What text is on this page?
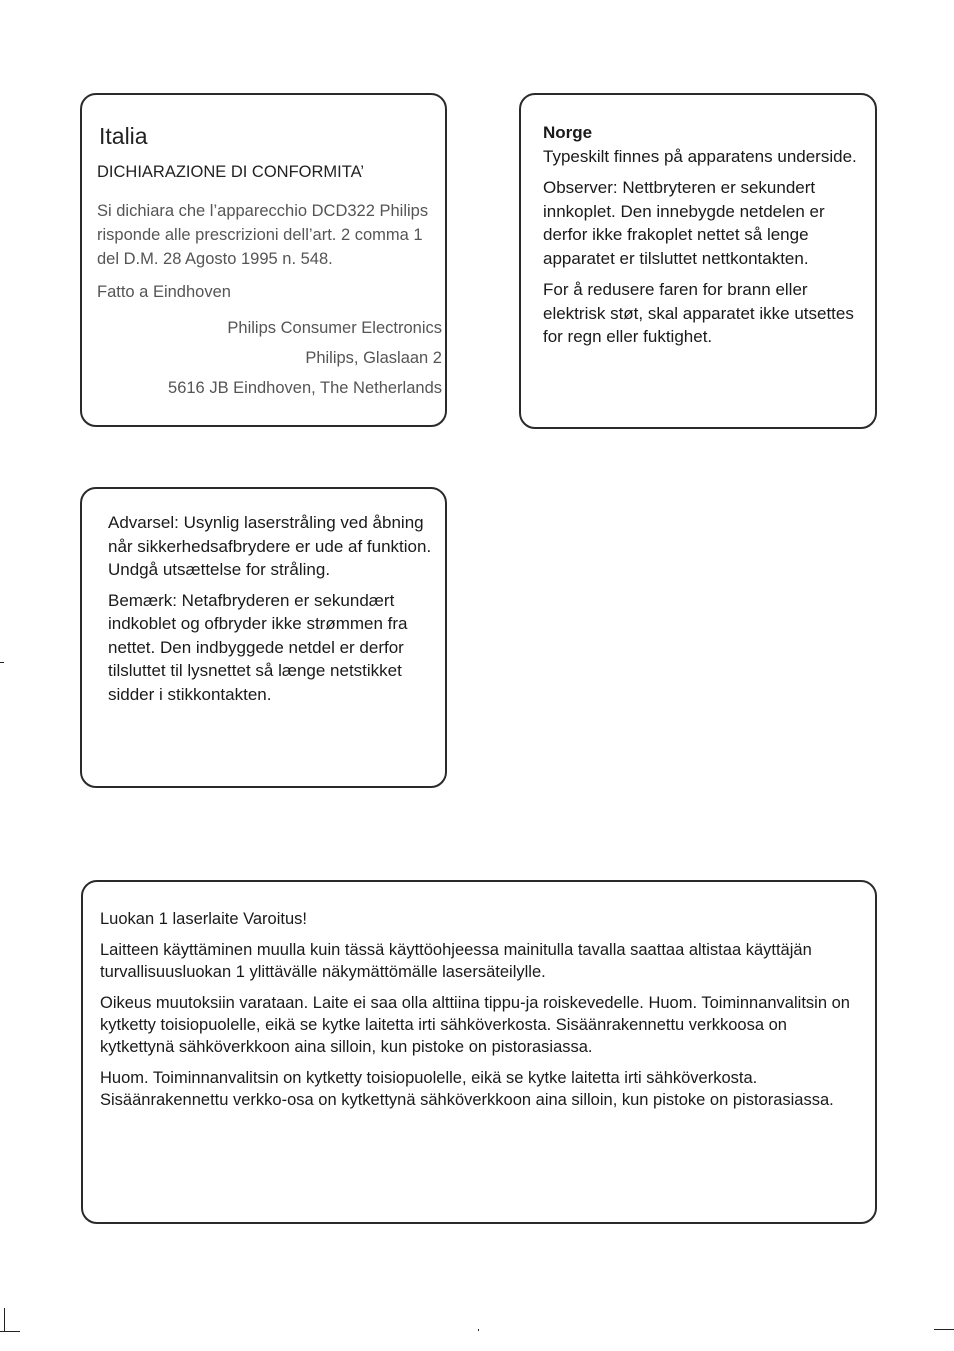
Italia
DICHIARAZIONE DI CONFORMITA’
Si dichiara che l’apparecchio DCD322 Philips risponde alle prescrizioni dell’art. 2 comma 1 del D.M. 28 Agosto 1995 n. 548.
Fatto a Eindhoven
Philips Consumer Electronics
Philips, Glaslaan 2
5616 JB Eindhoven, The Netherlands

Norge
Typeskilt finnes på apparatens underside.

Observer: Nettbryteren er sekundert innkoplet. Den innebygde netdelen er derfor ikke frakoplet nettet så lenge apparatet er tilsluttet nettkontakten.

For å redusere faren for brann eller elektrisk støt, skal apparatet ikke utsettes for regn eller fuktighet.

Advarsel: Usynlig laserstråling ved åbning når sikkerhedsafbrydere er ude af funktion. Undgå utsættelse for stråling.

Bemærk: Netafbryderen er sekundært indkoblet og ofbryder ikke strømmen fra nettet. Den indbyggede netdel er derfor tilsluttet til lysnettet så længe netstikket sidder i stikkontakten.

Luokan 1 laserlaite Varoitus!

Laitteen käyttäminen muulla kuin tässä käyttöohjeessa mainitulla tavalla saattaa altistaa käyttäjän turvallisuusluokan 1 ylittävälle näkymättömälle lasersäteilylle.

Oikeus muutoksiin varataan. Laite ei saa olla alttiina tippu-ja roiskevedelle. Huom. Toiminnanvalitsin on kytketty toisiopuolelle, eikä se kytke laitetta irti sähköverkosta. Sisäänrakennettu verkkoosa on kytkettynä sähköverkkoon aina silloin, kun pistoke on pistorasiassa.

Huom. Toiminnanvalitsin on kytketty toisiopuolelle, eikä se kytke laitetta irti sähköverkosta. Sisäänrakennettu verkko-osa on kytkettynä sähköverkkoon aina silloin, kun pistoke on pistorasiassa.
